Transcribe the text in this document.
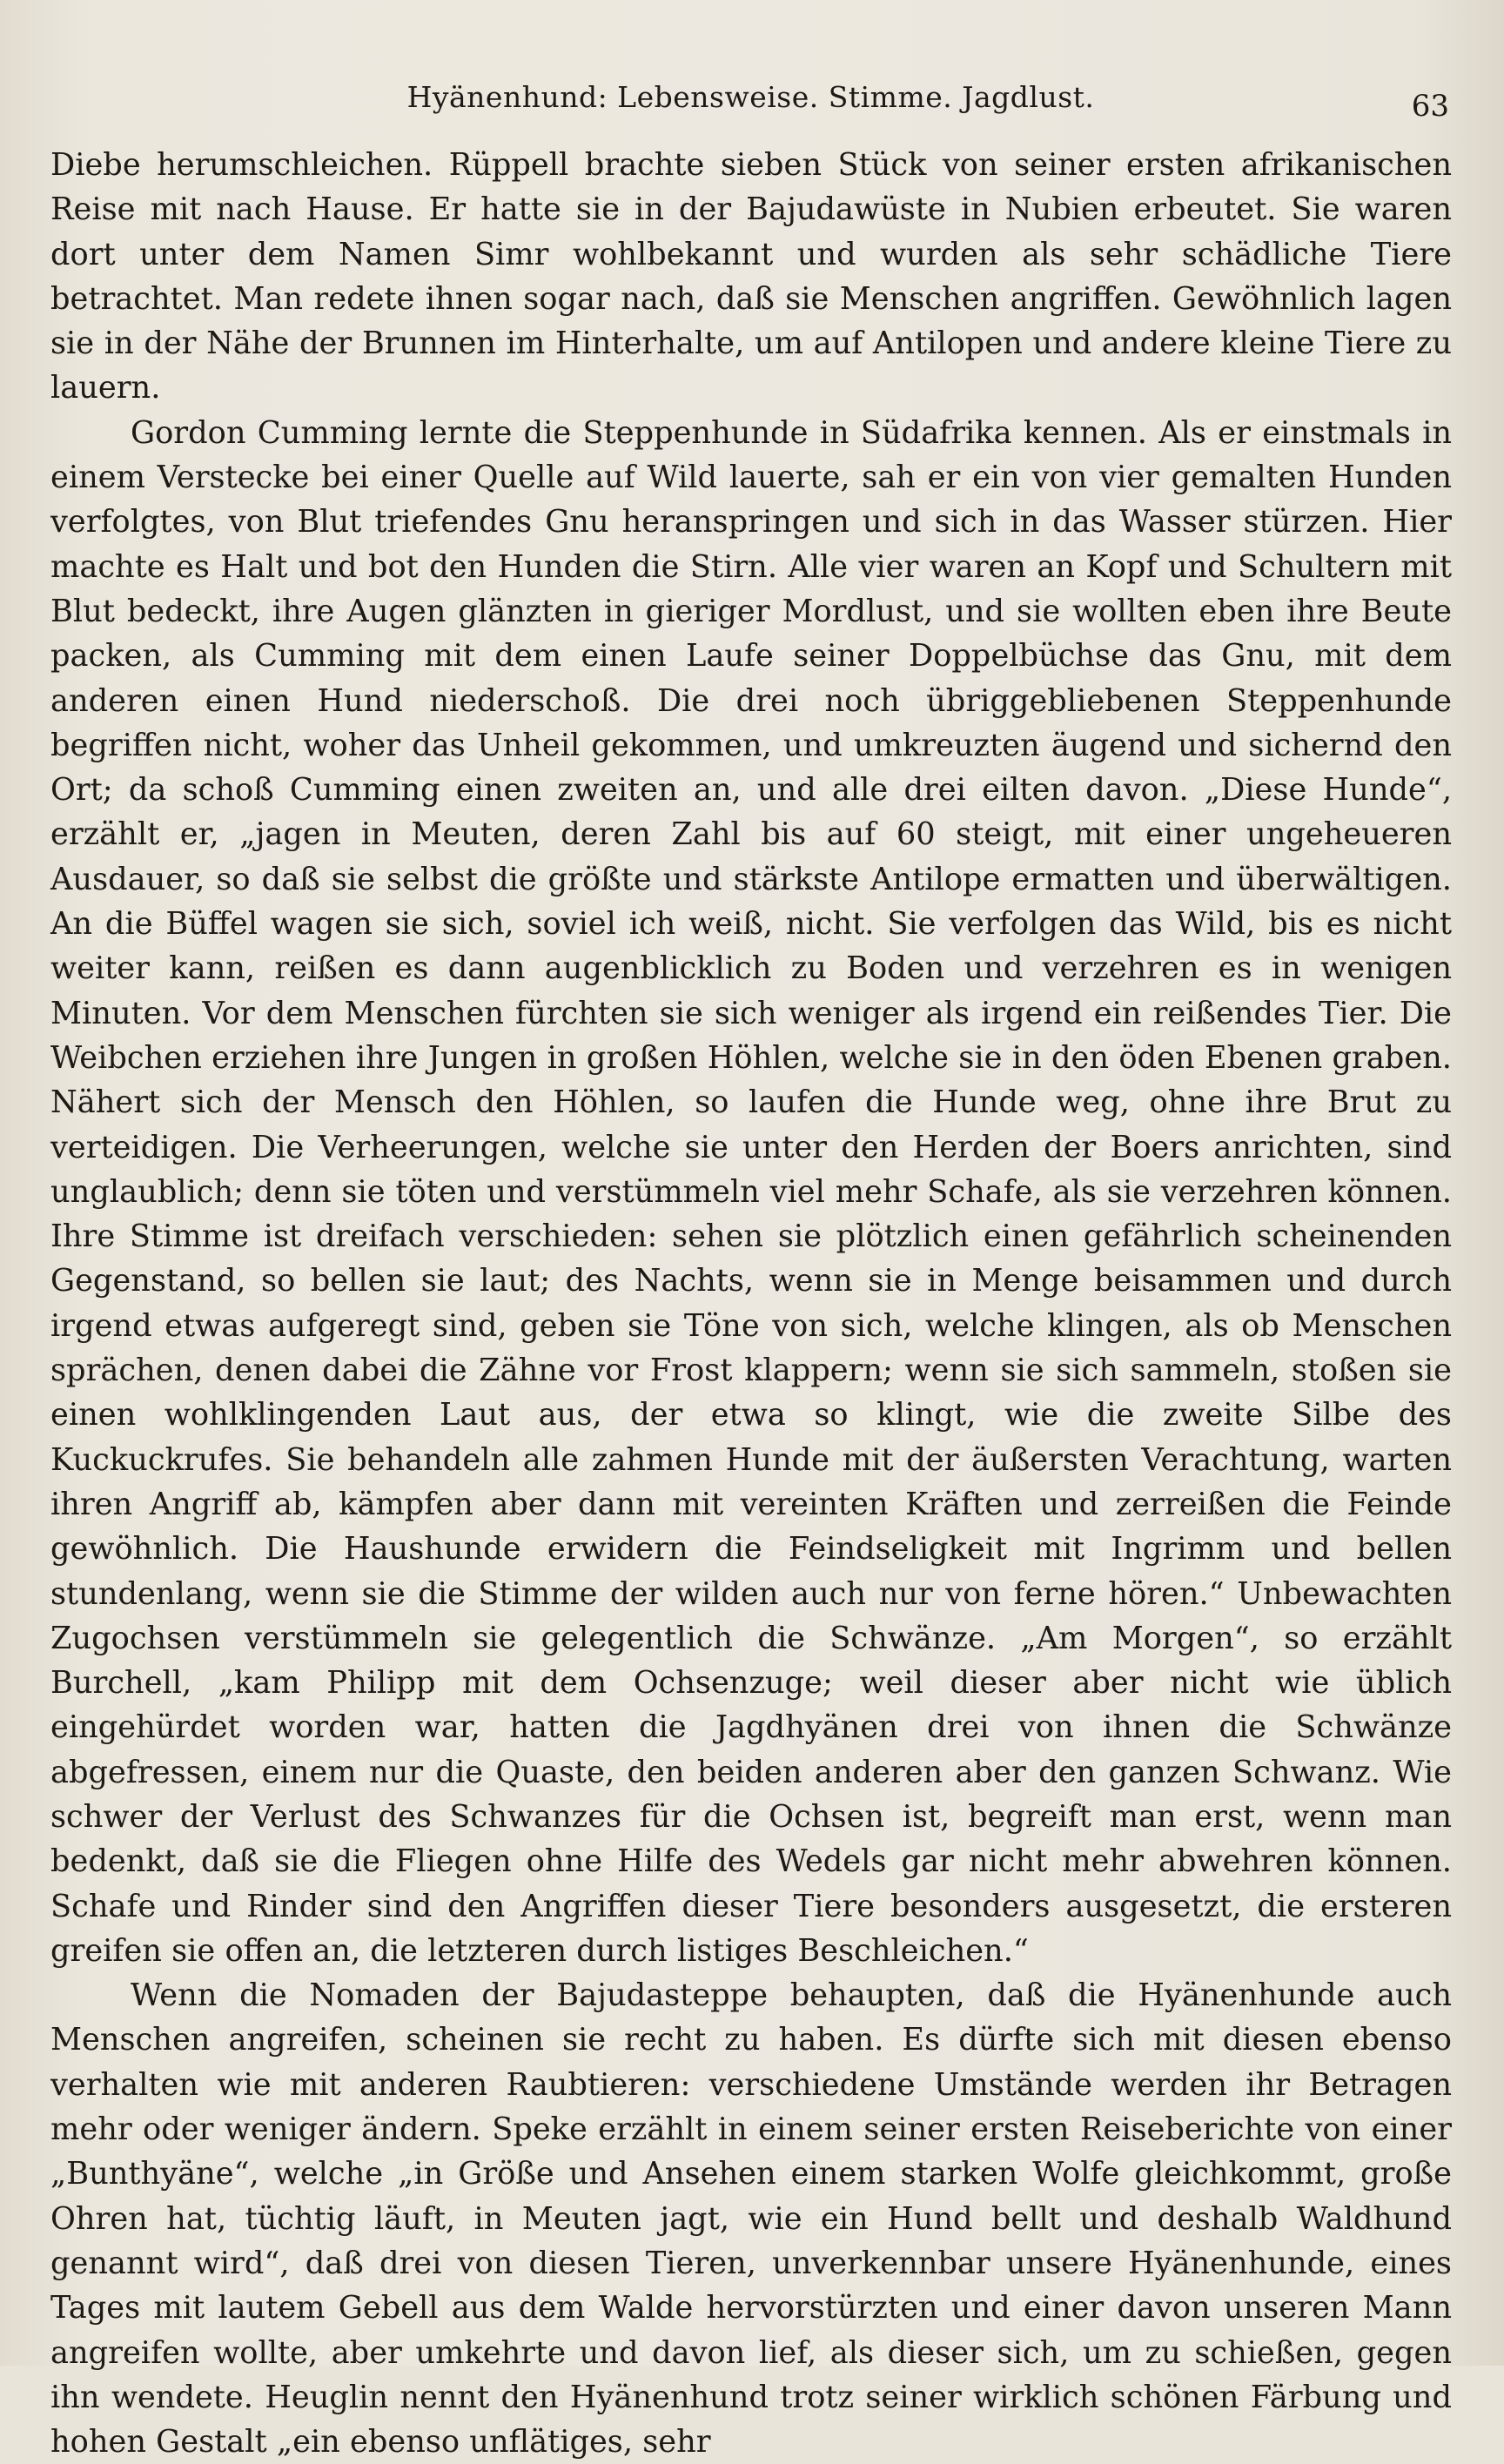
Hyänenhund: Lebensweise. Stimme. Jagdlust.	63

Diebe herumschleichen. Rüppell brachte sieben Stück von seiner ersten afrikanischen Reise mit nach Hause. Er hatte sie in der Bajudawüste in Nubien erbeutet. Sie waren dort unter dem Namen Simr wohlbekannt und wurden als sehr schädliche Tiere betrachtet. Man redete ihnen sogar nach, daß sie Menschen angriffen. Gewöhnlich lagen sie in der Nähe der Brunnen im Hinterhalte, um auf Antilopen und andere kleine Tiere zu lauern.

Gordon Cumming lernte die Steppenhunde in Südafrika kennen. Als er einstmals in einem Verstecke bei einer Quelle auf Wild lauerte, sah er ein von vier gemalten Hunden verfolgtes, von Blut triefendes Gnu heranspringen und sich in das Wasser stürzen. Hier machte es Halt und bot den Hunden die Stirn. Alle vier waren an Kopf und Schultern mit Blut bedeckt, ihre Augen glänzten in gieriger Mordlust, und sie wollten eben ihre Beute packen, als Cumming mit dem einen Laufe seiner Doppelbüchse das Gnu, mit dem anderen einen Hund niederschoß. Die drei noch übriggebliebenen Steppenhunde begriffen nicht, woher das Unheil gekommen, und umkreuzten äugend und sichernd den Ort; da schoß Cumming einen zweiten an, und alle drei eilten davon. „Diese Hunde“, erzählt er, „jagen in Meuten, deren Zahl bis auf 60 steigt, mit einer ungeheueren Ausdauer, so daß sie selbst die größte und stärkste Antilope ermatten und überwältigen. An die Büffel wagen sie sich, soviel ich weiß, nicht. Sie verfolgen das Wild, bis es nicht weiter kann, reißen es dann augenblicklich zu Boden und verzehren es in wenigen Minuten. Vor dem Menschen fürchten sie sich weniger als irgend ein reißendes Tier. Die Weibchen erziehen ihre Jungen in großen Höhlen, welche sie in den öden Ebenen graben. Nähert sich der Mensch den Höhlen, so laufen die Hunde weg, ohne ihre Brut zu verteidigen. Die Verheerungen, welche sie unter den Herden der Boers anrichten, sind unglaublich; denn sie töten und verstümmeln viel mehr Schafe, als sie verzehren können. Ihre Stimme ist dreifach verschieden: sehen sie plötzlich einen gefährlich scheinenden Gegenstand, so bellen sie laut; des Nachts, wenn sie in Menge beisammen und durch irgend etwas aufgeregt sind, geben sie Töne von sich, welche klingen, als ob Menschen sprächen, denen dabei die Zähne vor Frost klappern; wenn sie sich sammeln, stoßen sie einen wohlklingenden Laut aus, der etwa so klingt, wie die zweite Silbe des Kuckuckrufes. Sie behandeln alle zahmen Hunde mit der äußersten Verachtung, warten ihren Angriff ab, kämpfen aber dann mit vereinten Kräften und zerreißen die Feinde gewöhnlich. Die Haushunde erwidern die Feindseligkeit mit Ingrimm und bellen stundenlang, wenn sie die Stimme der wilden auch nur von ferne hören.“ Unbewachten Zugochsen verstümmeln sie gelegentlich die Schwänze. „Am Morgen“, so erzählt Burchell, „kam Philipp mit dem Ochsenzuge; weil dieser aber nicht wie üblich eingehürdet worden war, hatten die Jagdhyänen drei von ihnen die Schwänze abgefressen, einem nur die Quaste, den beiden anderen aber den ganzen Schwanz. Wie schwer der Verlust des Schwanzes für die Ochsen ist, begreift man erst, wenn man bedenkt, daß sie die Fliegen ohne Hilfe des Wedels gar nicht mehr abwehren können. Schafe und Rinder sind den Angriffen dieser Tiere besonders ausgesetzt, die ersteren greifen sie offen an, die letzteren durch listiges Beschleichen.“

Wenn die Nomaden der Bajudasteppe behaupten, daß die Hyänenhunde auch Menschen angreifen, scheinen sie recht zu haben. Es dürfte sich mit diesen ebenso verhalten wie mit anderen Raubtieren: verschiedene Umstände werden ihr Betragen mehr oder weniger ändern. Speke erzählt in einem seiner ersten Reiseberichte von einer „Bunthyäne“, welche „in Größe und Ansehen einem starken Wolfe gleichkommt, große Ohren hat, tüchtig läuft, in Meuten jagt, wie ein Hund bellt und deshalb Waldhund genannt wird“, daß drei von diesen Tieren, unverkennbar unsere Hyänenhunde, eines Tages mit lautem Gebell aus dem Walde hervorstürzten und einer davon unseren Mann angreifen wollte, aber umkehrte und davon lief, als dieser sich, um zu schießen, gegen ihn wendete. Heuglin nennt den Hyänenhund trotz seiner wirklich schönen Färbung und hohen Gestalt „ein ebenso unflätiges, sehr
